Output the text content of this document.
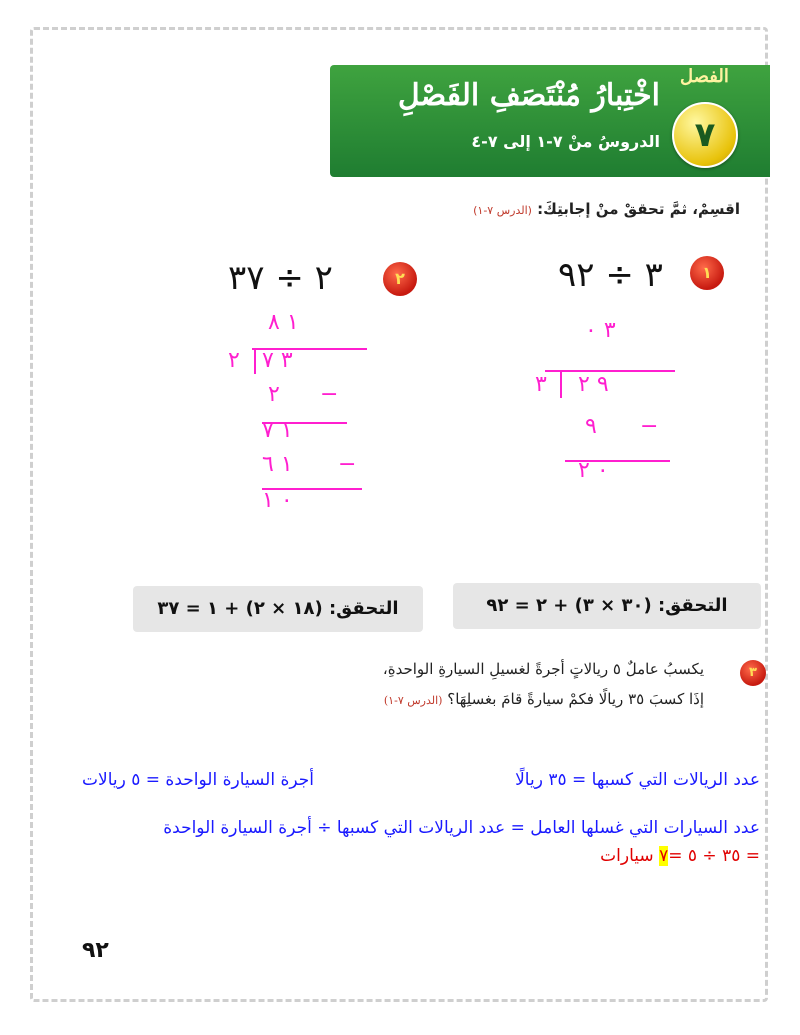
اخْتِبارُ مُنْتَصَفِ الفَصْلِ
الدروسُ منْ ٧-١ إلى ٧-٤
الفصل
٧
اقسِمْ، ثمَّ تحققْ منْ إجابتِكَ: (الدرس ٧-١)
١
٣ ÷ ٩٢
٣ ٠
٣ ٩ ٢
٩ −
٠ ٢
٢
٢ ÷ ٣٧
١ ٨
٢ ٣ ٧
٢ −
١ ٧
١ ٦ −
٠ ١
التحقق: (٣٠ × ٣) + ٢ = ٩٢
التحقق: (١٨ × ٢) + ١ = ٣٧
٣
يكسبُ عاملٌ ٥ ريالاتٍ أجرةً لغسيلِ السيارةِ الواحدةِ، إذَا كسبَ ٣٥ ريالًا فكمْ سيارةً قامَ بغسلِهَا؟ (الدرس ٧-١)
عدد الريالات التي كسبها = ٣٥ ريالًا
أجرة السيارة الواحدة = ٥ ريالات
عدد السيارات التي غسلها العامل = عدد الريالات التي كسبها ÷ أجرة السيارة الواحدة
= ٣٥ ÷ ٥ =٧ سيارات
٩٢
